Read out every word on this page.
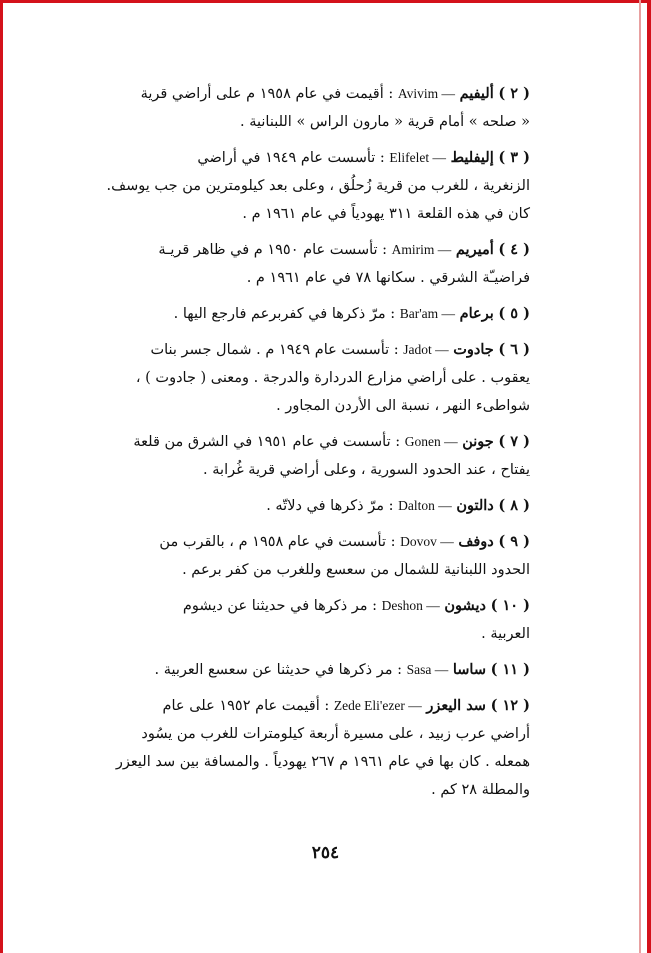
( ٢ ) أليفيم Avivim — : أقيمت في عام ١٩٥٨ م على أراضي قرية

« صلحه » أمام قرية « مارون الراس » اللبنانية .

( ٣ ) إليفليط Elifelet — : تأسست عام ١٩٤٩ في أراضي

الزنغرية ، للغرب من قرية زُحلُق ، وعلى بعد كيلومترين من جب يوسف.

كان في هذه القلعة ٣١١ يهودياً في عام ١٩٦١ م .

( ٤ ) أميريم Amirim — : تأسست عام ١٩٥٠ م في ظاهر قريـة

فراضيـّة الشرقي . سكانها ٧٨ في عام ١٩٦١ م .

( ٥ ) برعام Bar'am — : مرّ ذكرها في كفربرعم فارجع اليها .

( ٦ ) جادوت Jadot — : تأسست عام ١٩٤٩ م . شمال جسر بنات

يعقوب . على أراضي مزارع الدردارة والدرجة . ومعنى ( جادوت ) ،

شواطىء النهر ، نسبة الى الأردن المجاور .

( ٧ ) جونن Gonen — : تأسست في عام ١٩٥١ في الشرق من قلعة

يفتاح ، عند الحدود السورية ، وعلى أراضي قرية غُرابة .

( ٨ ) دالتون Dalton — : مرّ ذكرها في دلاتّه .

( ٩ ) دوفف Dovov — : تأسست في عام ١٩٥٨ م ، بالقرب من

الحدود اللبنانية للشمال من سعسع وللغرب من كفر برعم .

( ١٠ ) ديشون Deshon — : مر ذكرها في حديثنا عن ديشوم

العربية .

( ١١ ) ساسا Sasa — : مر ذكرها في حديثنا عن سعسع العربية .

( ١٢ ) سد اليعزر Zede Eli'ezer — : أقيمت عام ١٩٥٢ على عام

أراضي عرب زبيد ، على مسيرة أربعة كيلومترات للغرب من يسُود

همعله . كان بها في عام ١٩٦١ م ٢٦٧ يهودياً . والمسافة بين سد اليعزر

والمطلة ٢٨ كم .

٢٥٤
